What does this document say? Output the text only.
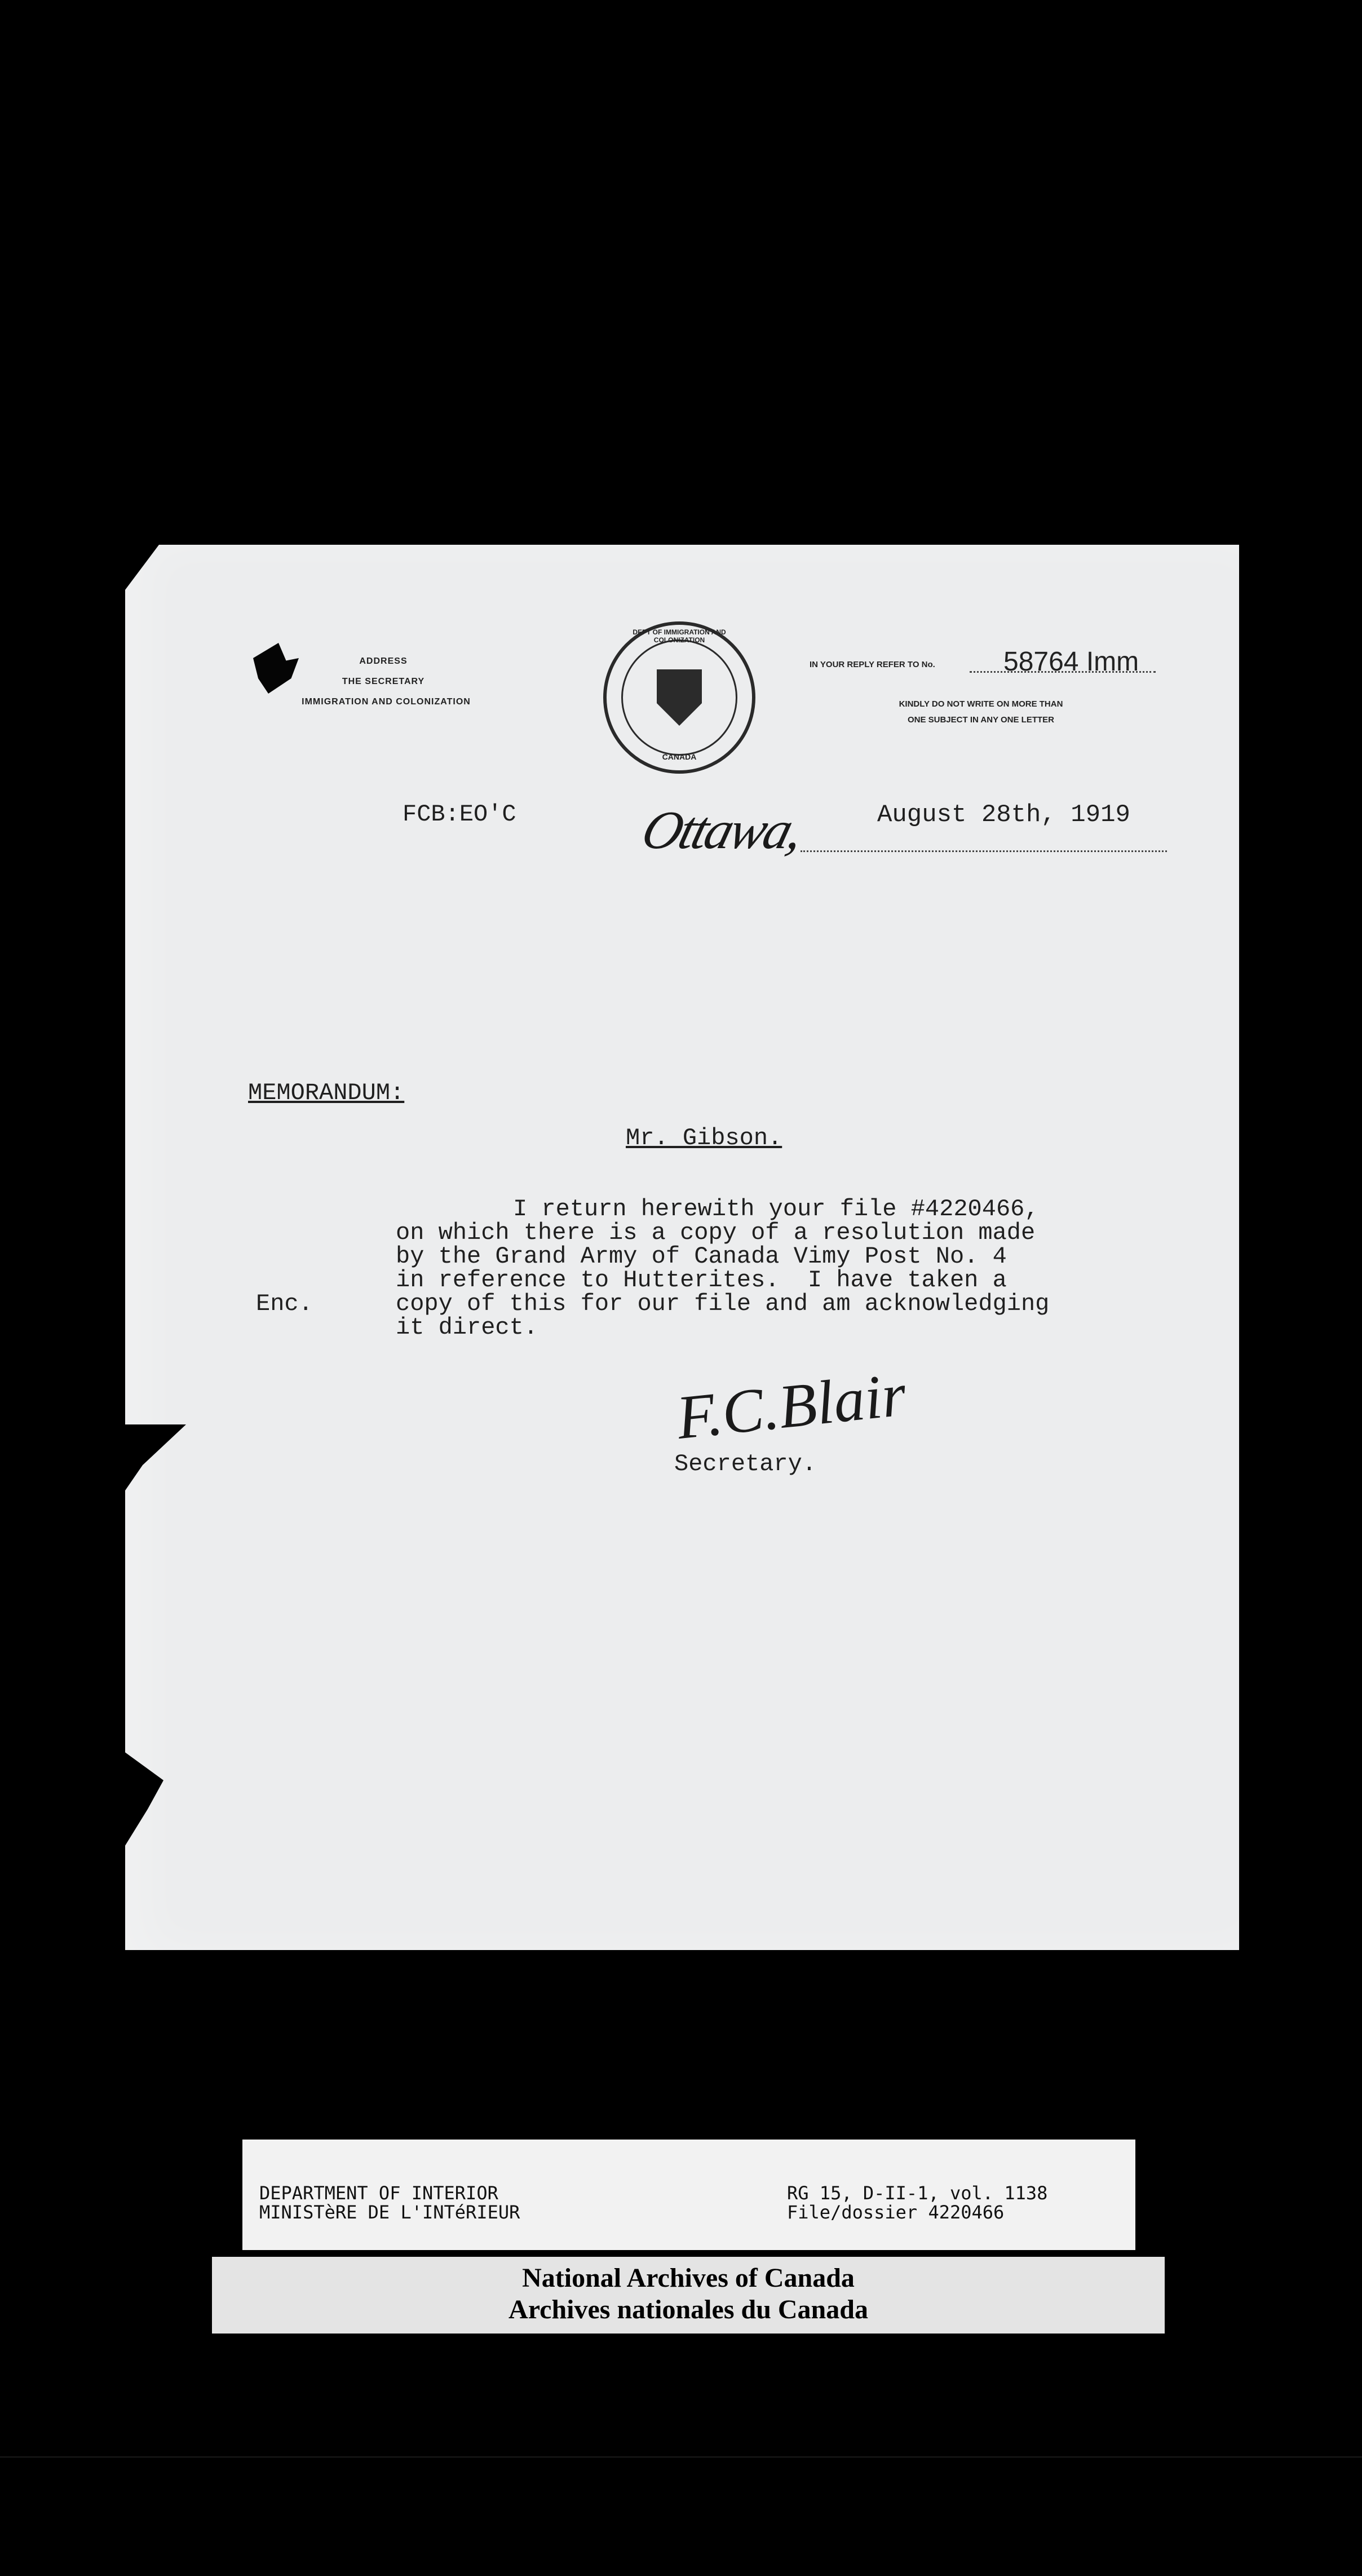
ADDRESS
THE SECRETARY
IMMIGRATION AND COLONIZATION
DEPT OF IMMIGRATION AND COLONIZATION
CANADA
IN YOUR REPLY REFER TO No.	58764 Imm
KINDLY DO NOT WRITE ON MORE THAN
ONE SUBJECT IN ANY ONE LETTER
FCB:EO'C Ottawa,	August 28th, 1919
MEMORANDUM:
Mr. Gibson.
I return herewith your file #4220466,
on which there is a copy of a resolution made
by the Grand Army of Canada Vimy Post No. 4
in reference to Hutterites.  I have taken a
copy of this for our file and am acknowledging
it direct.
Enc.
F.C.Blair
Secretary.
DEPARTMENT OF INTERIOR
MINISTèRE DE L'INTéRIEUR
RG 15, D-II-1, vol. 1138
File/dossier 4220466
National Archives of Canada
Archives nationales du Canada
